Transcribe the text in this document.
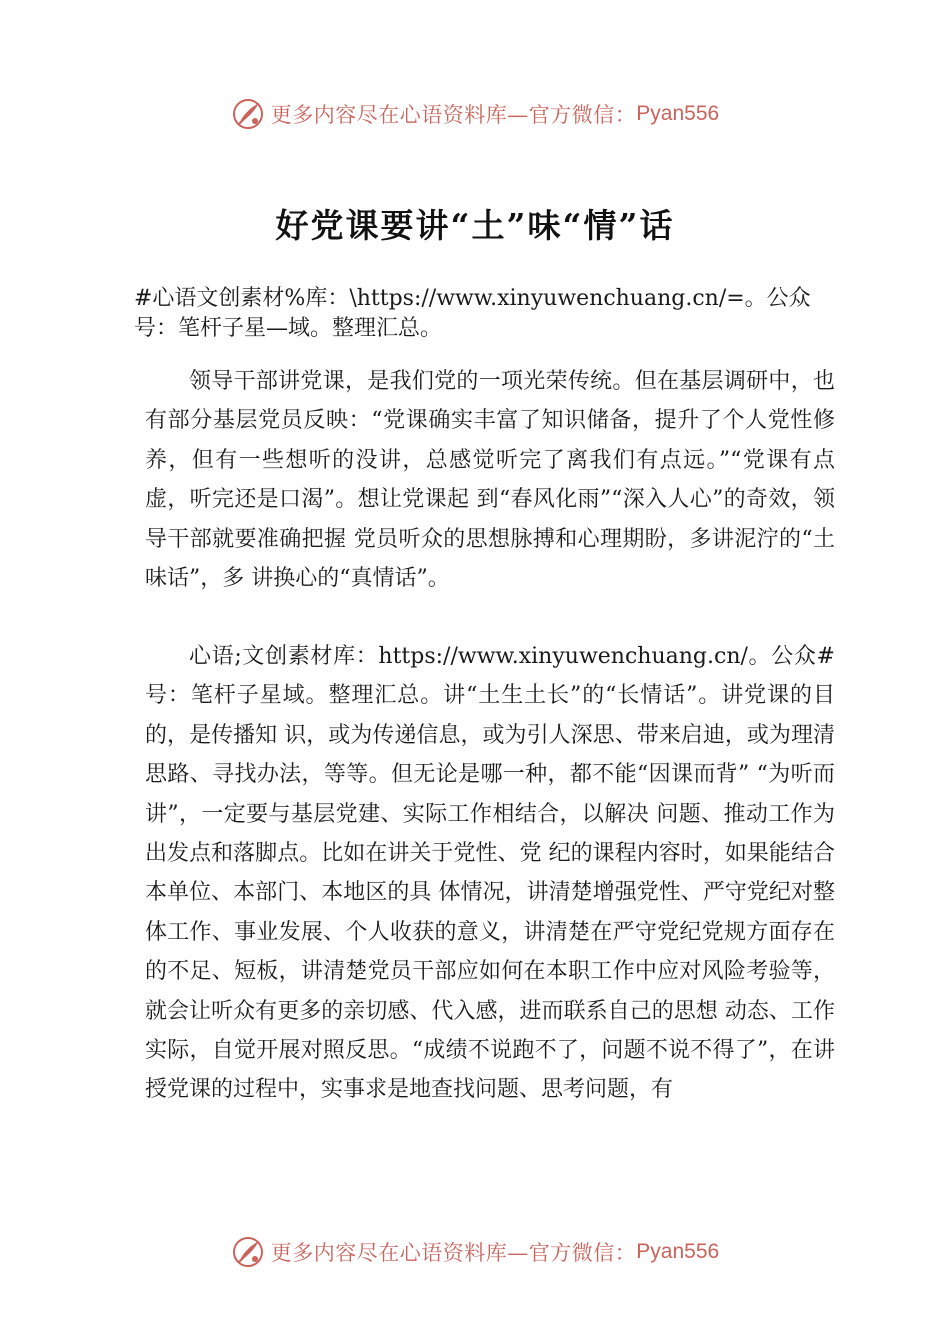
更多内容尽在心语资料库—官方微信： Pyan556
好党课要讲“土”味“情”话

#心语文创素材%库：\https://www.xinyuwenchuang.cn/=。公众号：笔杆子星—域。整理汇总。

领导干部讲党课，是我们党的一项光荣传统。但在基层调研中，也有部分基层党员反映：“党课确实丰富了知识储备，提升了个人党性修养，但有一些想听的没讲，总感觉听完了离我们有点远。”“党课有点虚，听完还是口渴”。想让党课起 到“春风化雨”“深入人心”的奇效，领导干部就要准确把握 党员听众的思想脉搏和心理期盼，多讲泥泞的“土味话”，多 讲换心的“真情话”。

心语;文创素材库：https://www.xinyuwenchuang.cn/。公众#号：笔杆子星域。整理汇总。讲“土生土长”的“长情话”。讲党课的目的，是传播知 识，或为传递信息，或为引人深思、带来启迪，或为理清思路、寻找办法，等等。但无论是哪一种，都不能“因课而背” “为听而讲”，一定要与基层党建、实际工作相结合，以解决 问题、推动工作为出发点和落脚点。比如在讲关于党性、党 纪的课程内容时，如果能结合本单位、本部门、本地区的具 体情况，讲清楚增强党性、严守党纪对整体工作、事业发展、个人收获的意义，讲清楚在严守党纪党规方面存在的不足、短板，讲清楚党员干部应如何在本职工作中应对风险考验等， 就会让听众有更多的亲切感、代入感，进而联系自己的思想 动态、工作实际，自觉开展对照反思。“成绩不说跑不了，问题不说不得了”，在讲授党课的过程中，实事求是地查找问题、思考问题，有

更多内容尽在心语资料库—官方微信： Pyan556
